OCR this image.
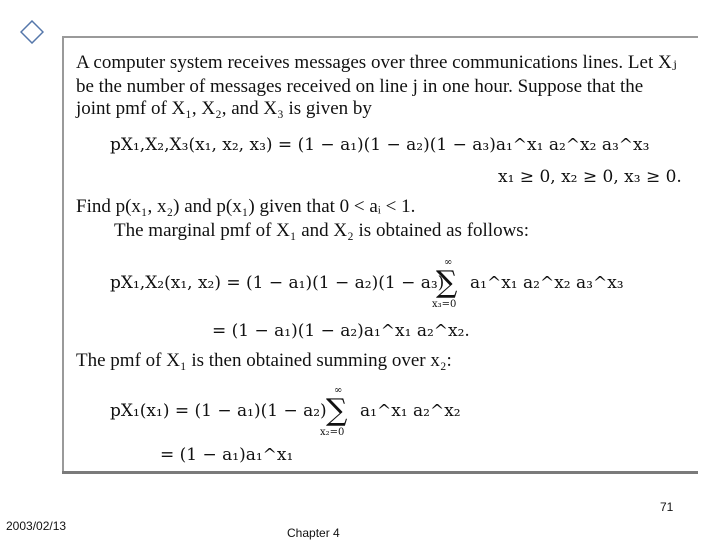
A computer system receives messages over three communications lines. Let Xⱼ
be the number of messages received on line j in one hour. Suppose that the
joint pmf of X₁, X₂, and X₃ is given by
pX₁,X₂,X₃(x₁, x₂, x₃) = (1 − a₁)(1 − a₂)(1 − a₃)a₁^x₁ a₂^x₂ a₃^x₃
x₁ ≥ 0, x₂ ≥ 0, x₃ ≥ 0.
Find p(x₁, x₂) and p(x₁) given that 0 < aᵢ < 1.
The marginal pmf of X₁ and X₂ is obtained as follows:
pX₁,X₂(x₁, x₂) = (1 − a₁)(1 − a₂)(1 − a₃)
∞
∑
x₃=0
a₁^x₁ a₂^x₂ a₃^x₃
= (1 − a₁)(1 − a₂)a₁^x₁ a₂^x₂.
The pmf of X₁ is then obtained summing over x₂:
pX₁(x₁) = (1 − a₁)(1 − a₂)
∞
∑
x₂=0
a₁^x₁ a₂^x₂
= (1 − a₁)a₁^x₁
71
2003/02/13	Chapter 4
